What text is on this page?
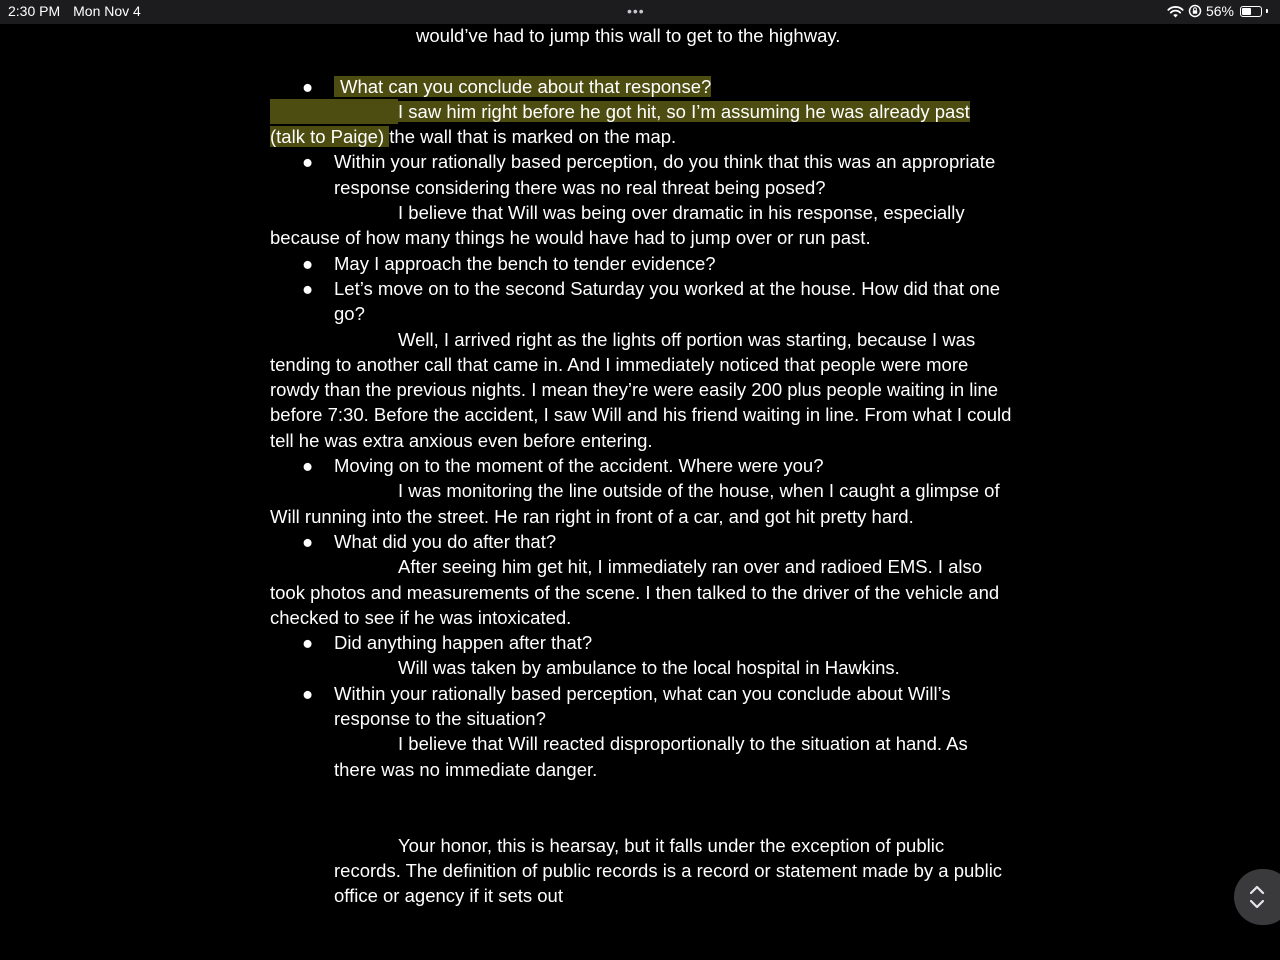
2:30 PM Mon Nov 4	•••	56%

would’ve had to jump this wall to get to the highway.

●	What can you conclude about that response?

I saw him right before he got hit, so I’m assuming he was already past
(talk to Paige) the wall that is marked on the map.

●	Within your rationally based perception, do you think that this was an appropriate response considering there was no real threat being posed?

I believe that Will was being over dramatic in his response, especially because of how many things he would have had to jump over or run past.

●	May I approach the bench to tender evidence?
●	Let’s move on to the second Saturday you worked at the house. How did that one go?

Well, I arrived right as the lights off portion was starting, because I was tending to another call that came in. And I immediately noticed that people were more rowdy than the previous nights. I mean they’re were easily 200 plus people waiting in line before 7:30. Before the accident, I saw Will and his friend waiting in line. From what I could tell he was extra anxious even before entering.

●	Moving on to the moment of the accident. Where were you?

I was monitoring the line outside of the house, when I caught a glimpse of Will running into the street. He ran right in front of a car, and got hit pretty hard.

●	What did you do after that?

After seeing him get hit, I immediately ran over and radioed EMS. I also took photos and measurements of the scene. I then talked to the driver of the vehicle and checked to see if he was intoxicated.

●	Did anything happen after that?

Will was taken by ambulance to the local hospital in Hawkins.

●	Within your rationally based perception, what can you conclude about Will’s response to the situation?

I believe that Will reacted disproportionally to the situation at hand. As there was no immediate danger.

Your honor, this is hearsay, but it falls under the exception of public records. The definition of public records is a record or statement made by a public office or agency if it sets out
